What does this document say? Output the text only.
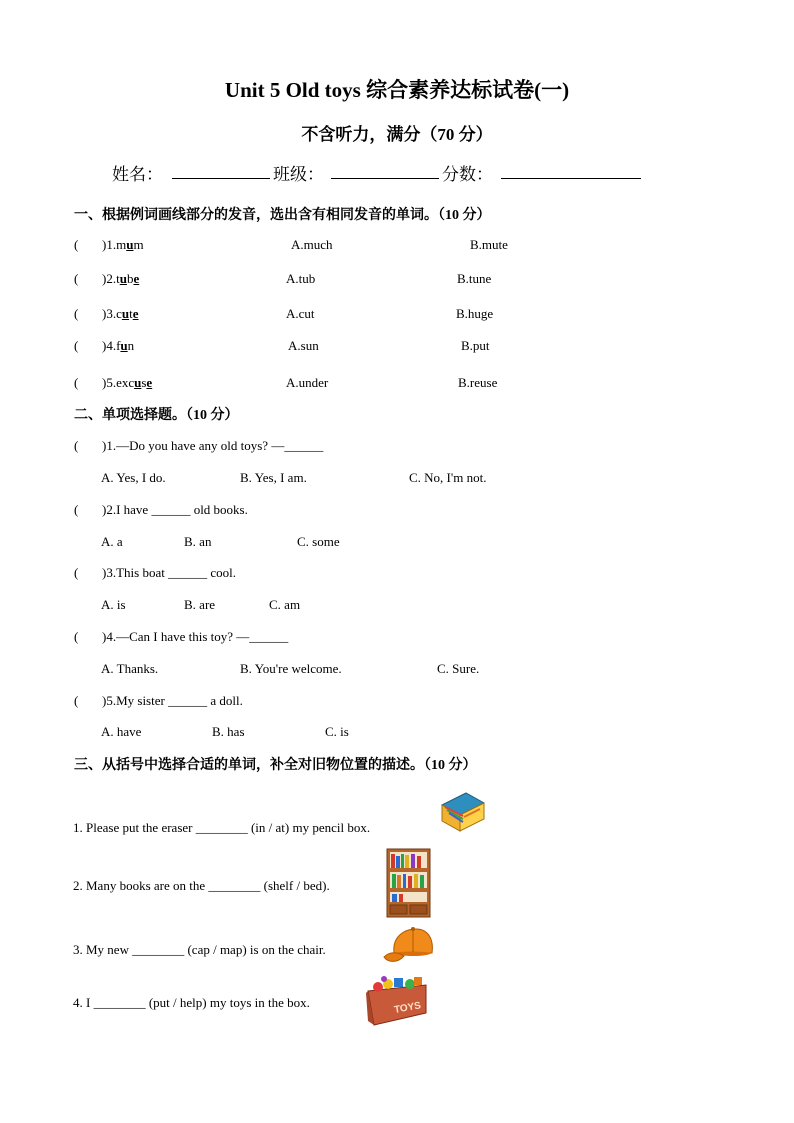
Unit 5 Old toys 综合素养达标试卷(一)
不含听力，满分（70 分）
姓名：	班级：	分数：
一、根据例词画线部分的发音，选出含有相同发音的单词。（10 分）
( )1.mum	A.much	B.mute
( )2.tube	A.tub	B.tune
( )3.cute	A.cut	B.huge
( )4.fun	A.sun	B.put
( )5.excuse	A.under	B.reuse
二、单项选择题。（10 分）
( )1.—Do you have any old toys? —______
A. Yes, I do.	B. Yes, I am.	C. No, I'm not.
( )2.I have ______ old books.
A. a	B. an	C. some
( )3.This boat ______ cool.
A. is	B. are	C. am
( )4.—Can I have this toy? —______
A. Thanks.	B. You're welcome.	C. Sure.
( )5.My sister ______ a doll.
A. have	B. has	C. is
三、从括号中选择合适的单词，补全对旧物位置的描述。（10 分）
1. Please put the eraser ________ (in / at) my pencil box.
2. Many books are on the ________ (shelf / bed).
3. My new ________ (cap / map) is on the chair.
4. I ________ (put / help) my toys in the box.	TOYS
